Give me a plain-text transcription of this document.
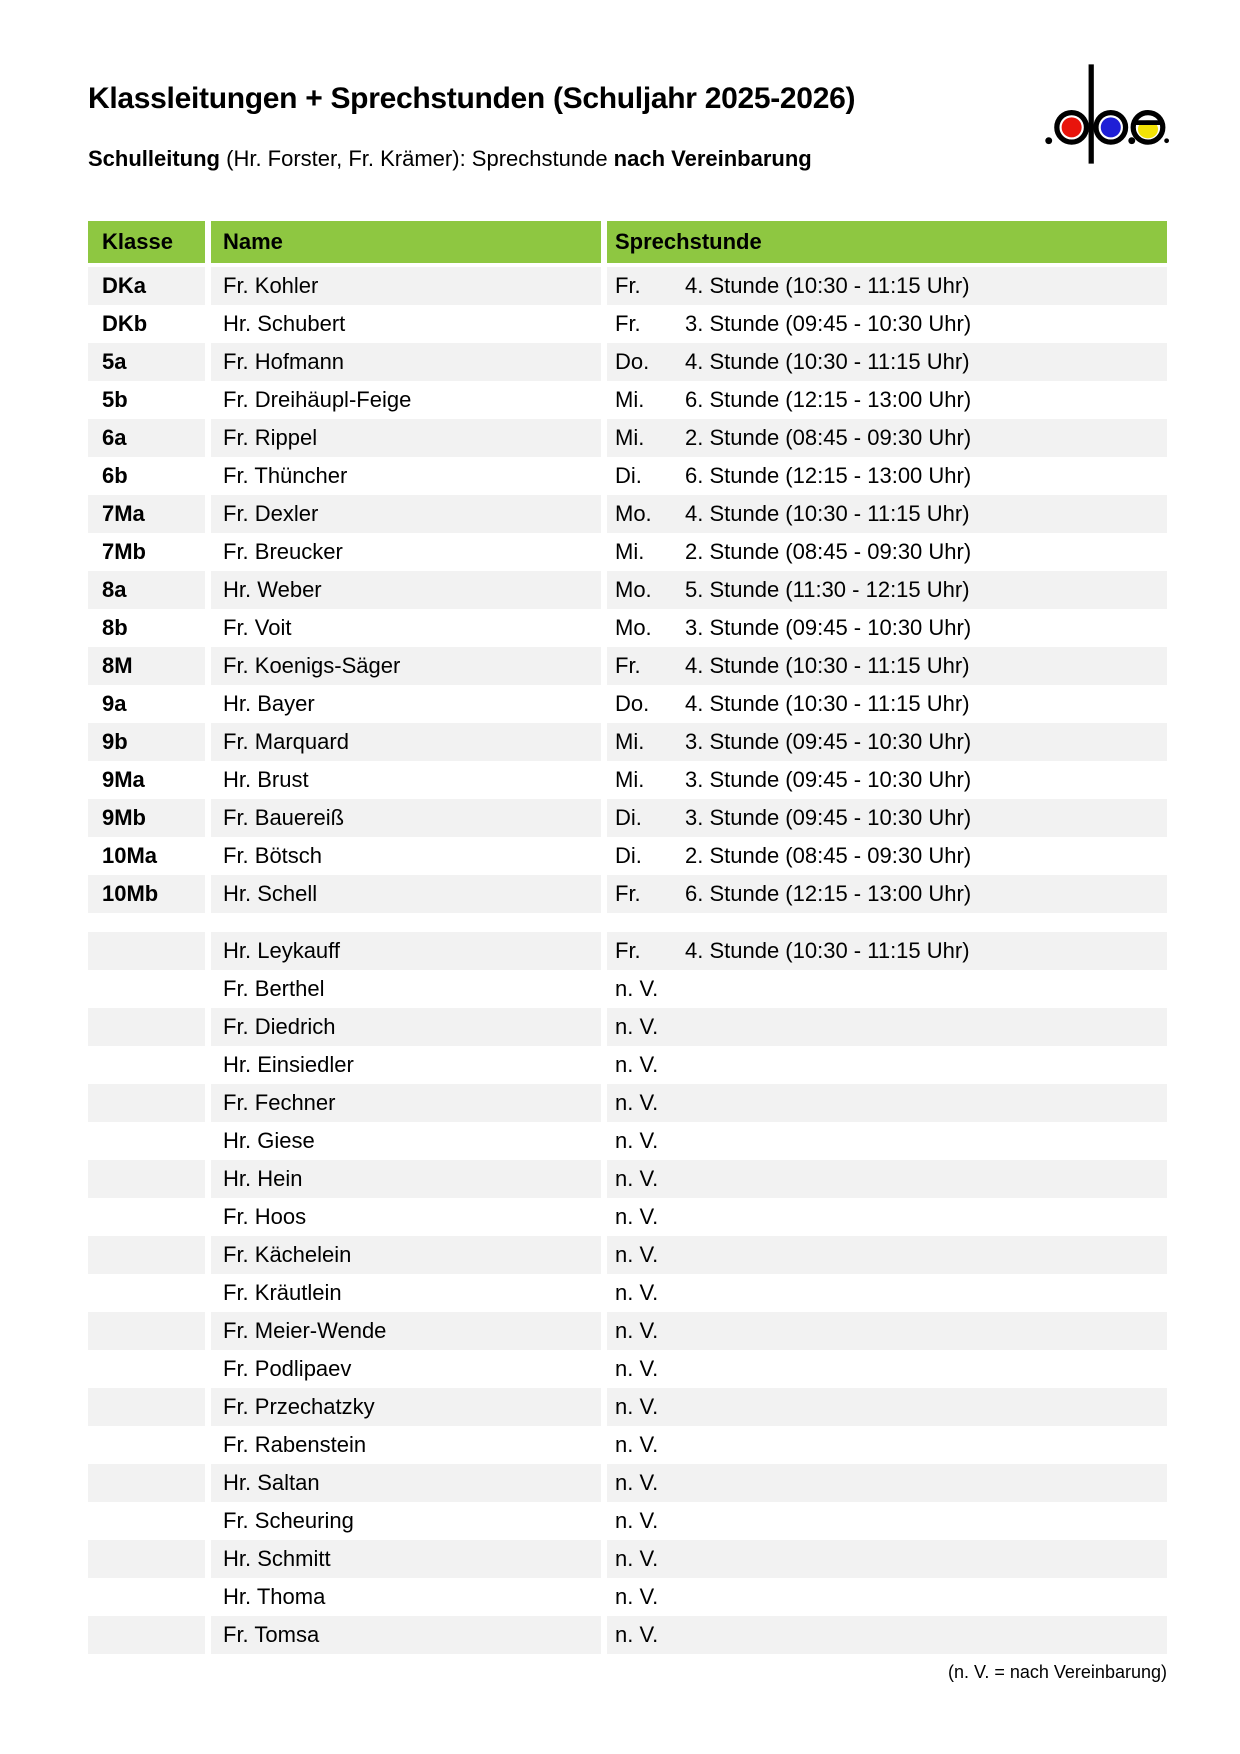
Klassleitungen + Sprechstunden (Schuljahr 2025-2026)
Schulleitung (Hr. Forster, Fr. Krämer): Sprechstunde nach Vereinbarung
Klasse	Name	Sprechstunde
DKa	Fr. Kohler	Fr.	4. Stunde (10:30 - 11:15 Uhr)
DKb	Hr. Schubert	Fr.	3. Stunde (09:45 - 10:30 Uhr)
5a	Fr. Hofmann	Do.	4. Stunde (10:30 - 11:15 Uhr)
5b	Fr. Dreihäupl-Feige	Mi.	6. Stunde (12:15 - 13:00 Uhr)
6a	Fr. Rippel	Mi.	2. Stunde (08:45 - 09:30 Uhr)
6b	Fr. Thüncher	Di.	6. Stunde (12:15 - 13:00 Uhr)
7Ma	Fr. Dexler	Mo.	4. Stunde (10:30 - 11:15 Uhr)
7Mb	Fr. Breucker	Mi.	2. Stunde (08:45 - 09:30 Uhr)
8a	Hr. Weber	Mo.	5. Stunde (11:30 - 12:15 Uhr)
8b	Fr. Voit	Mo.	3. Stunde (09:45 - 10:30 Uhr)
8M	Fr. Koenigs-Säger	Fr.	4. Stunde (10:30 - 11:15 Uhr)
9a	Hr. Bayer	Do.	4. Stunde (10:30 - 11:15 Uhr)
9b	Fr. Marquard	Mi.	3. Stunde (09:45 - 10:30 Uhr)
9Ma	Hr. Brust	Mi.	3. Stunde (09:45 - 10:30 Uhr)
9Mb	Fr. Bauereiß	Di.	3. Stunde (09:45 - 10:30 Uhr)
10Ma	Fr. Bötsch	Di.	2. Stunde (08:45 - 09:30 Uhr)
10Mb	Hr. Schell	Fr.	6. Stunde (12:15 - 13:00 Uhr)
Hr. Leykauff	Fr.	4. Stunde (10:30 - 11:15 Uhr)
Fr. Berthel	n. V.
Fr. Diedrich	n. V.
Hr. Einsiedler	n. V.
Fr. Fechner	n. V.
Hr. Giese	n. V.
Hr. Hein	n. V.
Fr. Hoos	n. V.
Fr. Kächelein	n. V.
Fr. Kräutlein	n. V.
Fr. Meier-Wende	n. V.
Fr. Podlipaev	n. V.
Fr. Przechatzky	n. V.
Fr. Rabenstein	n. V.
Hr. Saltan	n. V.
Fr. Scheuring	n. V.
Hr. Schmitt	n. V.
Hr. Thoma	n. V.
Fr. Tomsa	n. V.
(n. V. = nach Vereinbarung)
